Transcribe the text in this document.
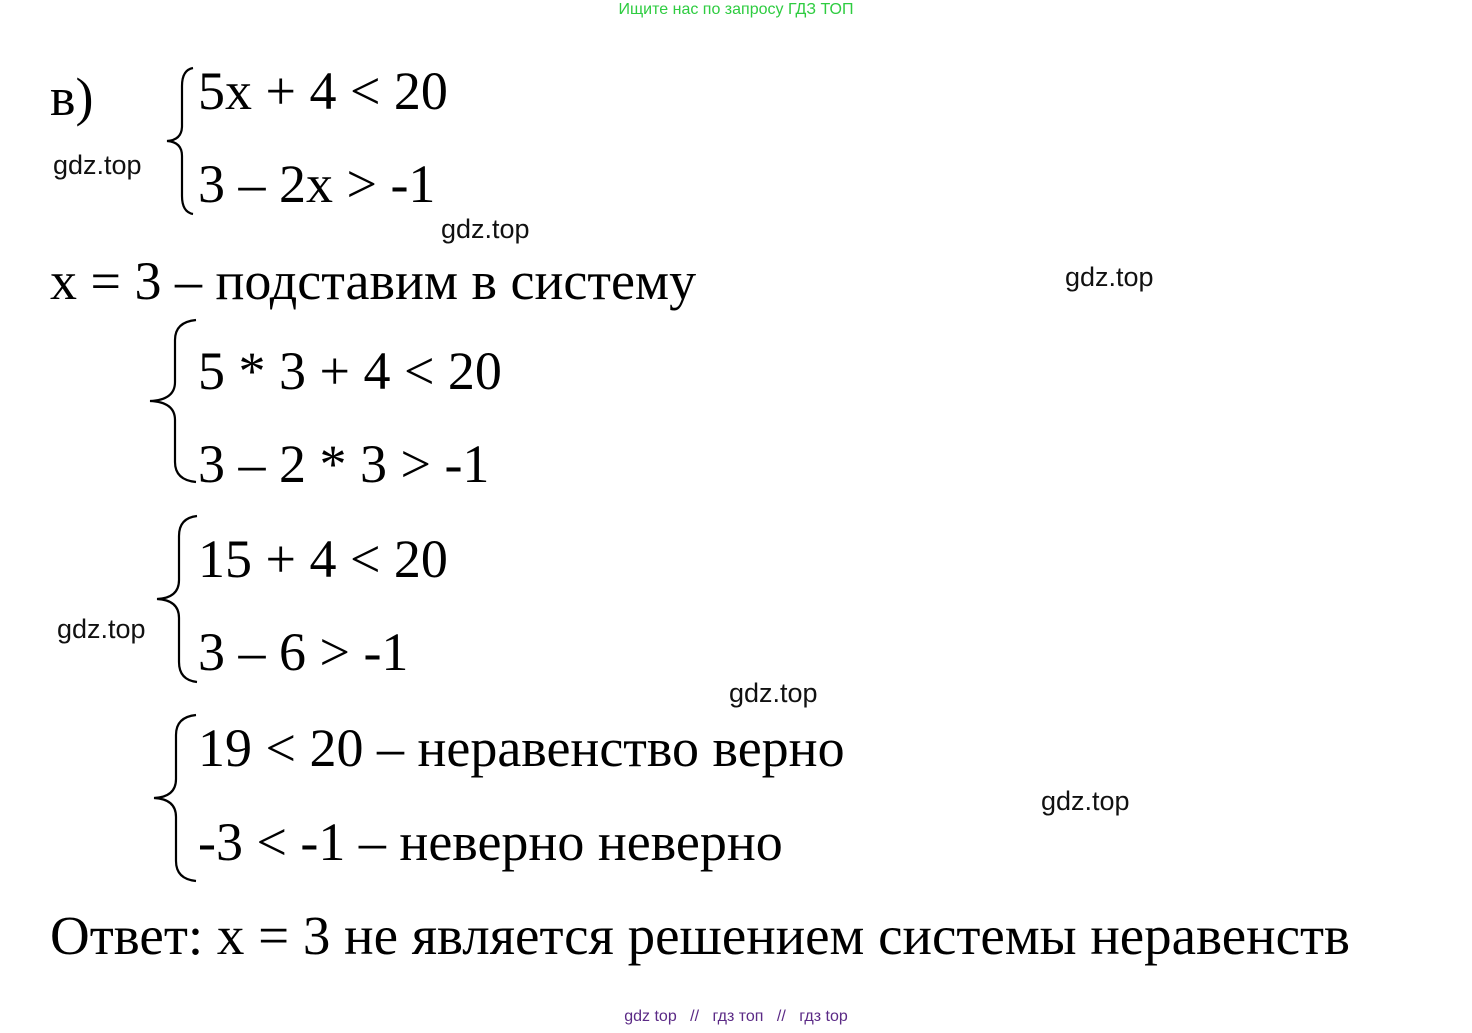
Ищите нас по запросу ГДЗ ТОП
в) 5x + 4 < 20
3 – 2x > -1
gdz.top
gdz.top
x = 3 – подставим в систему	gdz.top
5 * 3 + 4 < 20
3 – 2 * 3 > -1
15 + 4 < 20
3 – 6 > -1
gdz.top
gdz.top
19 < 20 – неравенство верно
-3 < -1 – неверно неверно
gdz.top
Ответ: x = 3 не является решением системы неравенств
gdz top // гдз топ // гдз top
